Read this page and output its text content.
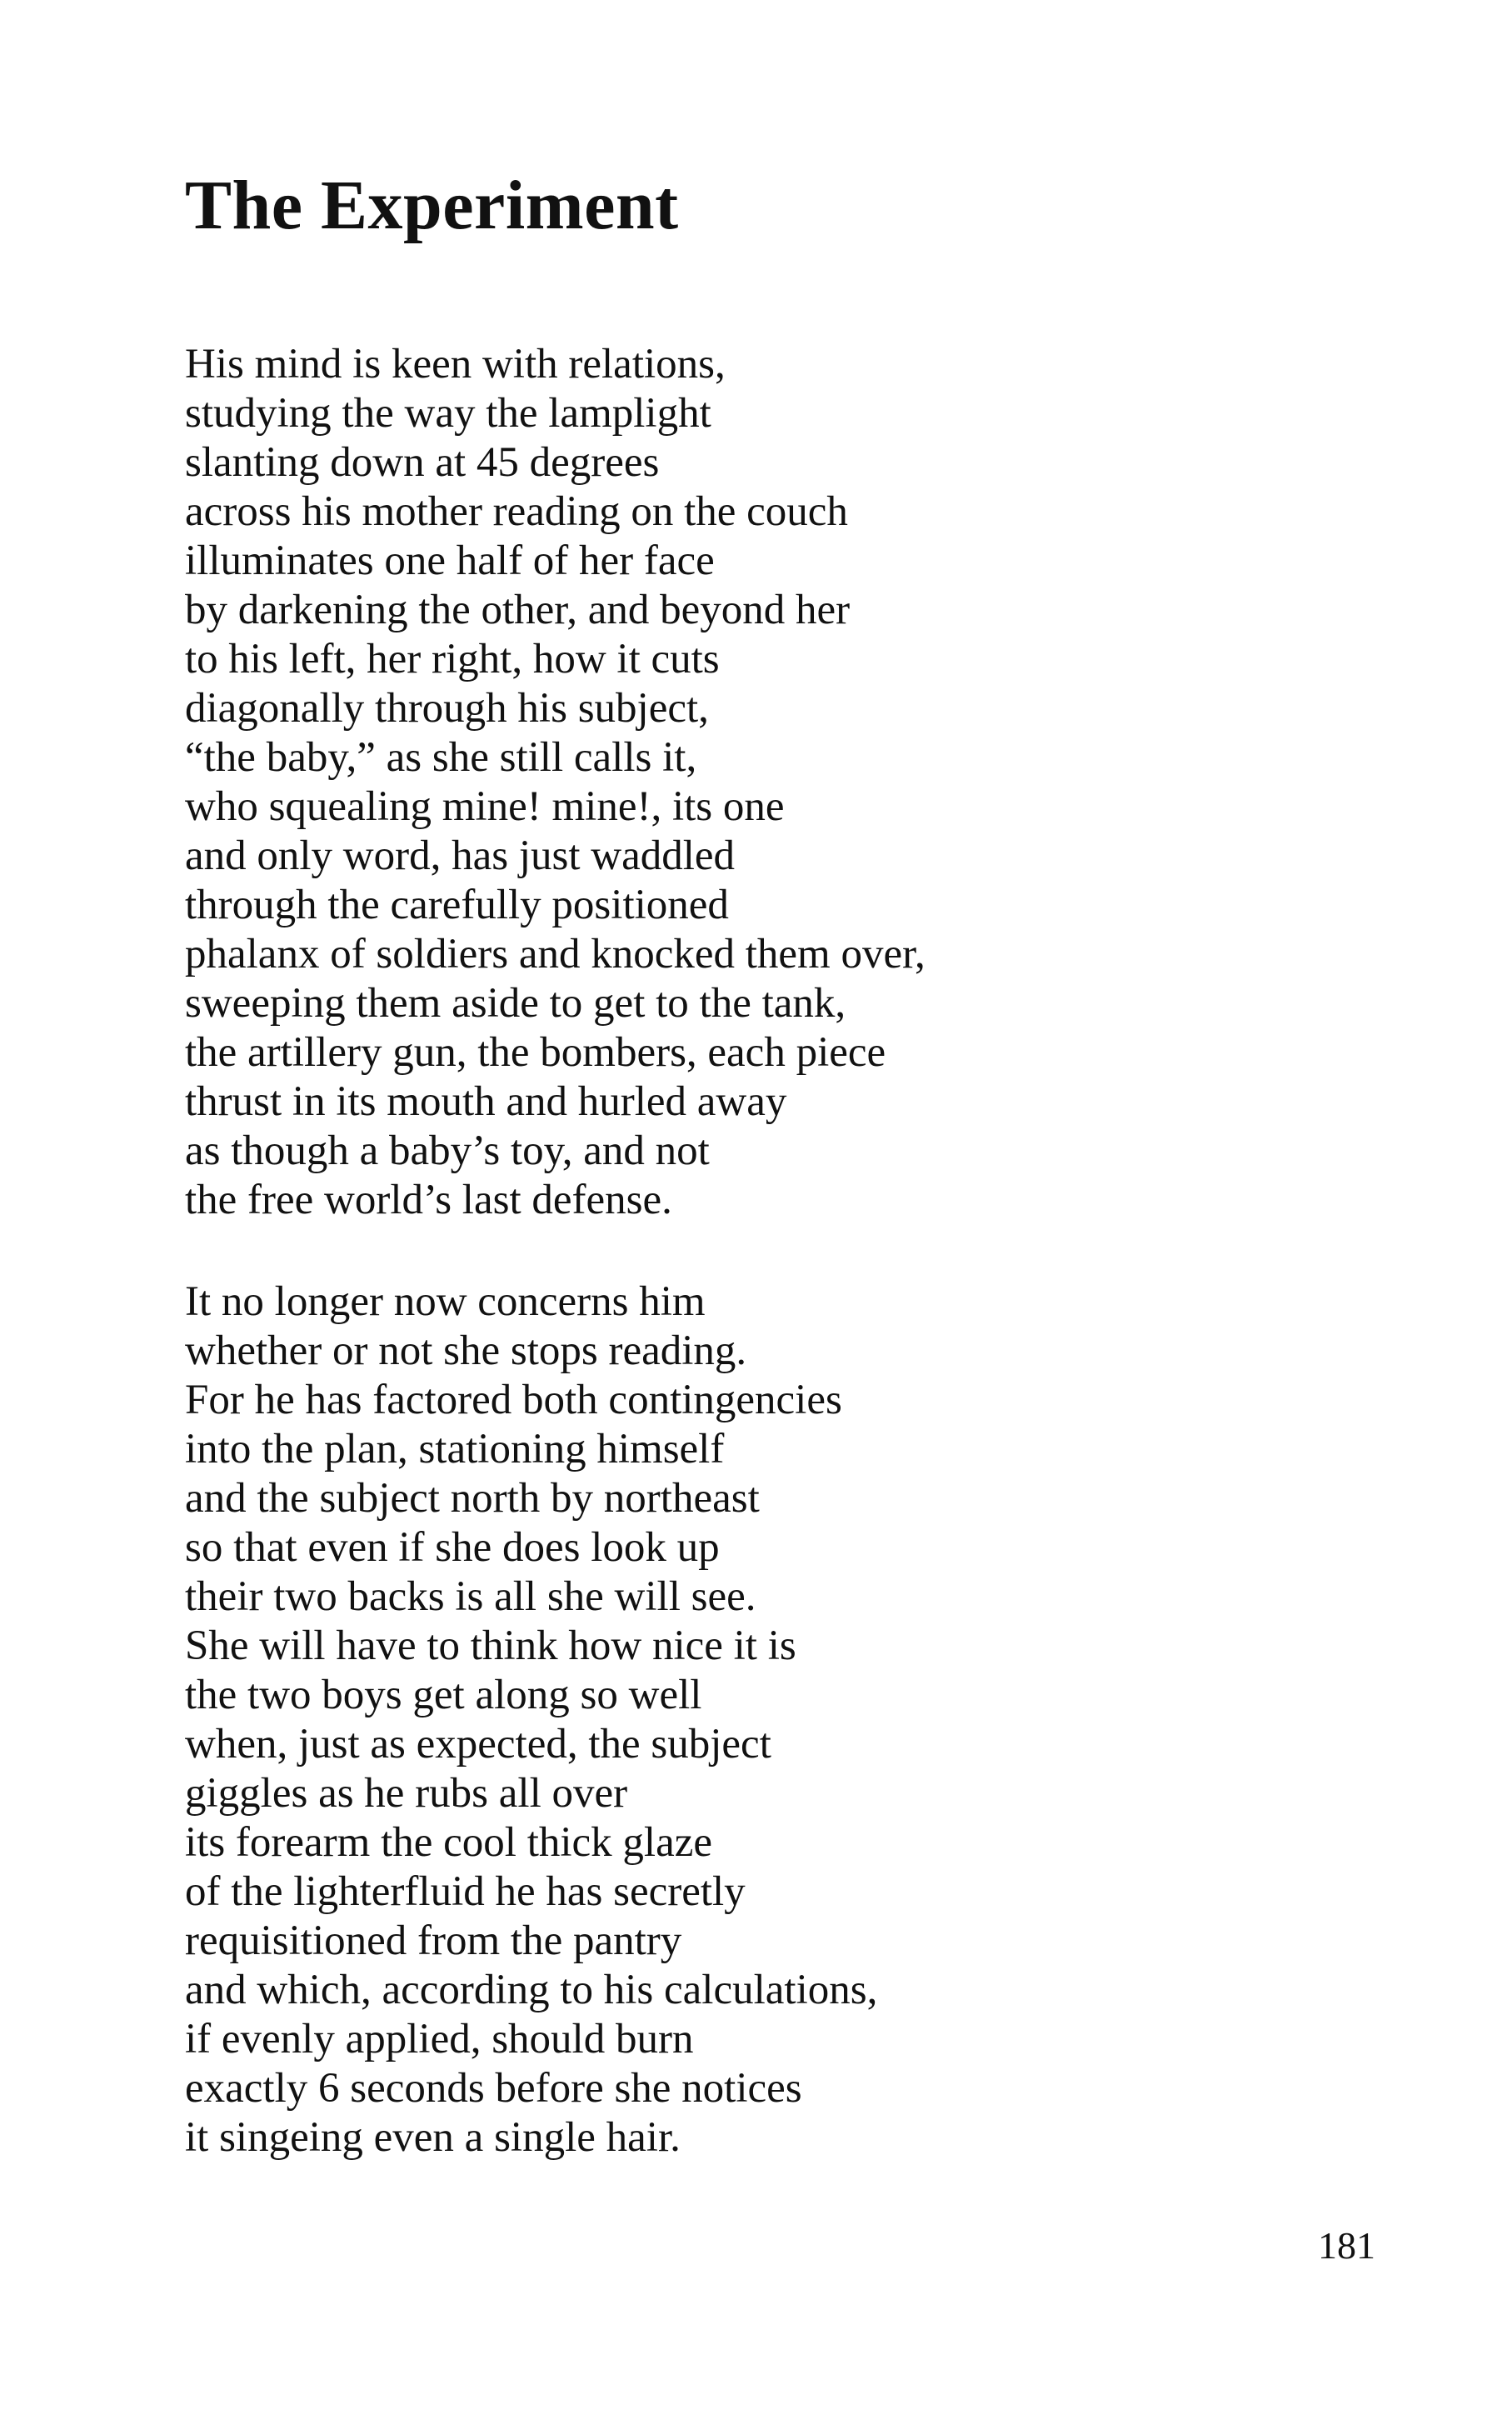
The Experiment
His mind is keen with relations,
studying the way the lamplight
slanting down at 45 degrees
across his mother reading on the couch
illuminates one half of her face
by darkening the other, and beyond her
to his left, her right, how it cuts
diagonally through his subject,
“the baby,” as she still calls it,
who squealing mine! mine!, its one
and only word, has just waddled
through the carefully positioned
phalanx of soldiers and knocked them over,
sweeping them aside to get to the tank,
the artillery gun, the bombers, each piece
thrust in its mouth and hurled away
as though a baby’s toy, and not
the free world’s last defense.
It no longer now concerns him
whether or not she stops reading.
For he has factored both contingencies
into the plan, stationing himself
and the subject north by northeast
so that even if she does look up
their two backs is all she will see.
She will have to think how nice it is
the two boys get along so well
when, just as expected, the subject
giggles as he rubs all over
its forearm the cool thick glaze
of the lighterfluid he has secretly
requisitioned from the pantry
and which, according to his calculations,
if evenly applied, should burn
exactly 6 seconds before she notices
it singeing even a single hair.
181
